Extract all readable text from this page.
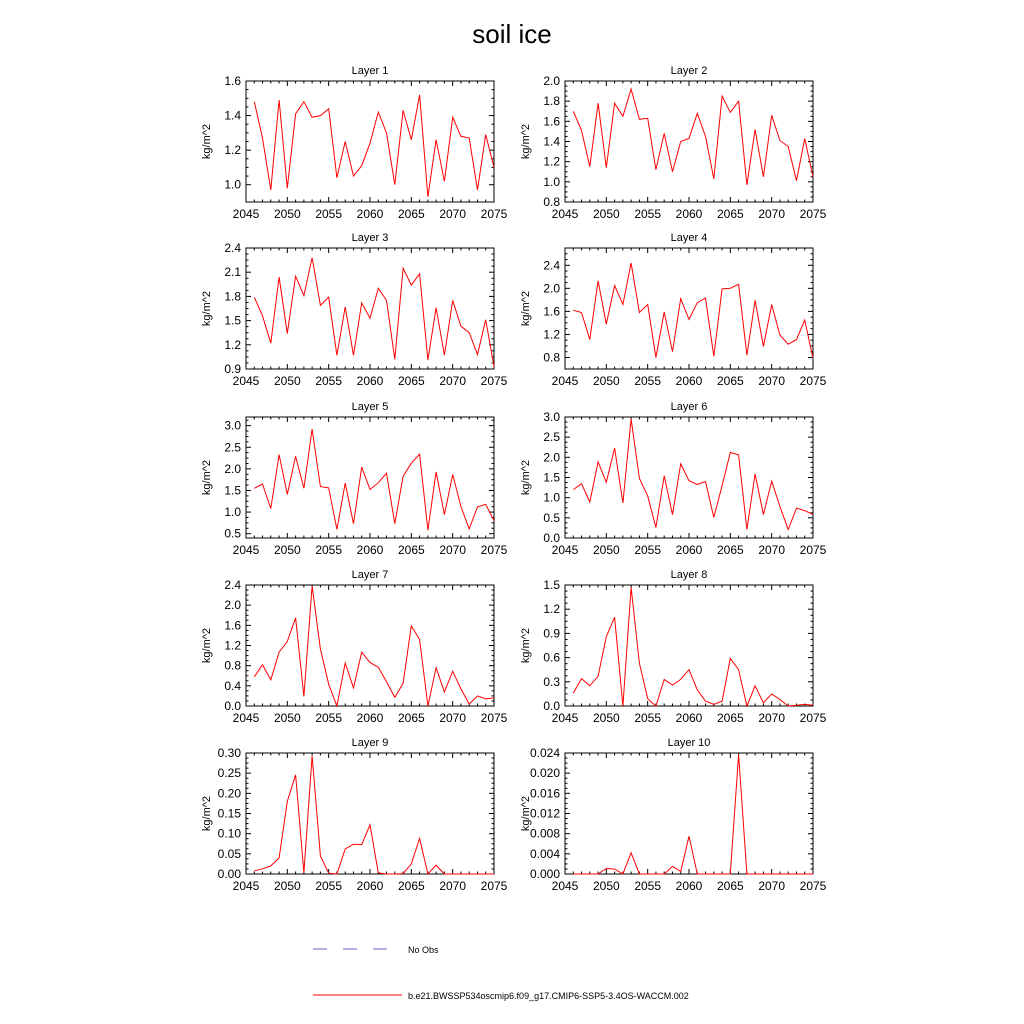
soil ice
Layer 1
kg/m^2
2045 2050 2055 2060 2065 2070 2075
1.0
1.2
1.4
1.6
Layer 2
kg/m^2
2045 2050 2055 2060 2065 2070 2075
0.8
1.0
1.2
1.4
1.6
1.8
2.0
Layer 3
kg/m^2
2045 2050 2055 2060 2065 2070 2075
0.9
1.2
1.5
1.8
2.1
2.4
Layer 4
kg/m^2
2045 2050 2055 2060 2065 2070 2075
0.8
1.2
1.6
2.0
2.4
Layer 5
kg/m^2
2045 2050 2055 2060 2065 2070 2075
0.5
1.0
1.5
2.0
2.5
3.0
Layer 6
kg/m^2
2045 2050 2055 2060 2065 2070 2075
0.0
0.5
1.0
1.5
2.0
2.5
3.0
Layer 7
kg/m^2
2045 2050 2055 2060 2065 2070 2075
0.0
0.4
0.8
1.2
1.6
2.0
2.4
Layer 8
kg/m^2
2045 2050 2055 2060 2065 2070 2075
0.0
0.3
0.6
0.9
1.2
1.5
Layer 9
kg/m^2
2045 2050 2055 2060 2065 2070 2075
0.00
0.05
0.10
0.15
0.20
0.25
0.30
Layer 10
kg/m^2
2045 2050 2055 2060 2065 2070 2075
0.000
0.004
0.008
0.012
0.016
0.020
0.024
No Obs
b.e21.BWSSP534oscmip6.f09_g17.CMIP6-SSP5-3.4OS-WACCM.002
